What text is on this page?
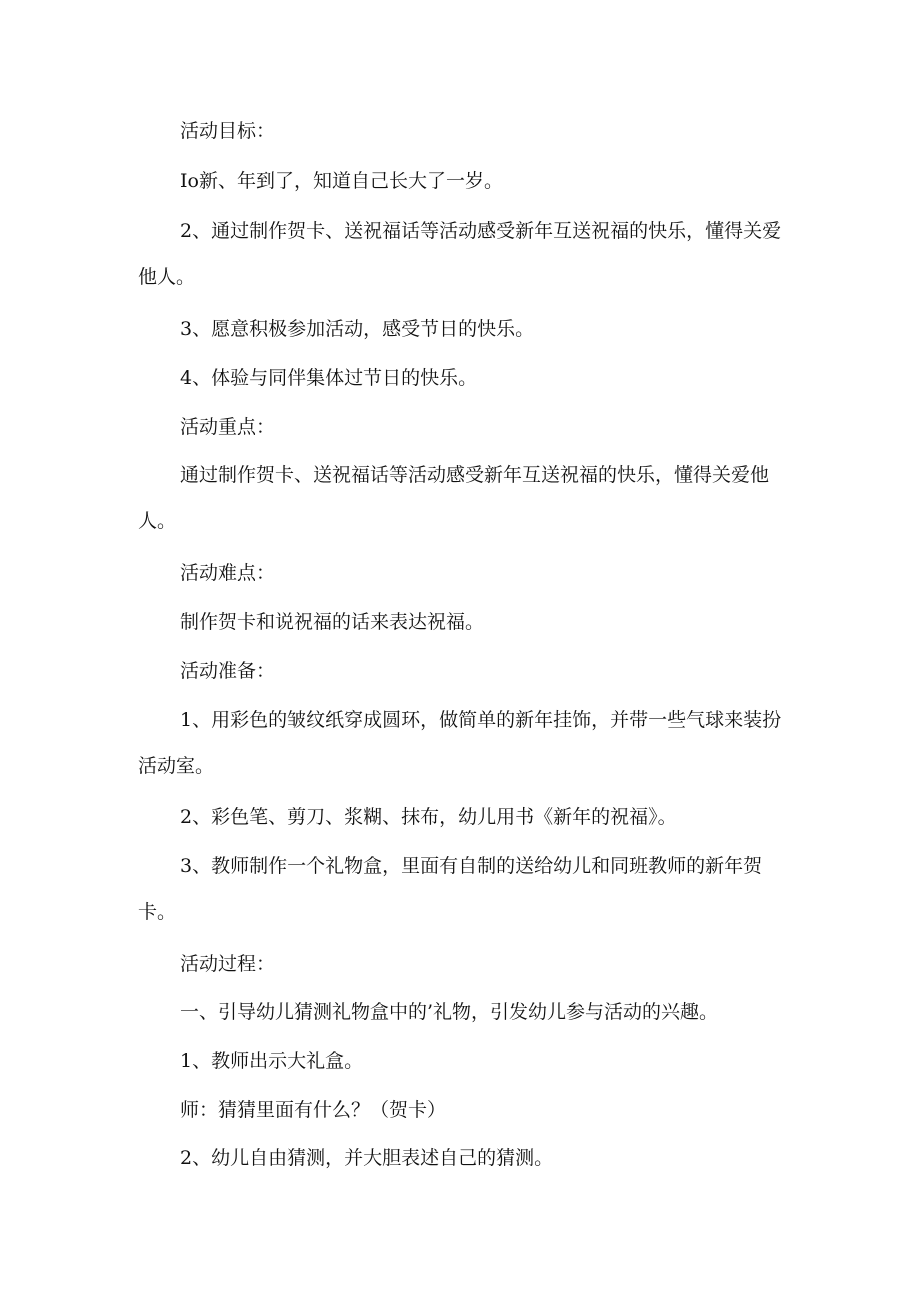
活动目标：

Io新、年到了，知道自己长大了一岁。

2、通过制作贺卡、送祝福话等活动感受新年互送祝福的快乐，懂得关爱他人。

3、愿意积极参加活动，感受节日的快乐。

4、体验与同伴集体过节日的快乐。

活动重点：

通过制作贺卡、送祝福话等活动感受新年互送祝福的快乐，懂得关爱他人。

活动难点：

制作贺卡和说祝福的话来表达祝福。

活动准备：

1、用彩色的皱纹纸穿成圆环，做简单的新年挂饰，并带一些气球来装扮活动室。

2、彩色笔、剪刀、浆糊、抹布，幼儿用书《新年的祝福》。

3、教师制作一个礼物盒，里面有自制的送给幼儿和同班教师的新年贺卡。

活动过程：

一、引导幼儿猜测礼物盒中的’礼物，引发幼儿参与活动的兴趣。

1、教师出示大礼盒。

师：猜猜里面有什么？（贺卡）

2、幼儿自由猜测，并大胆表述自己的猜测。
